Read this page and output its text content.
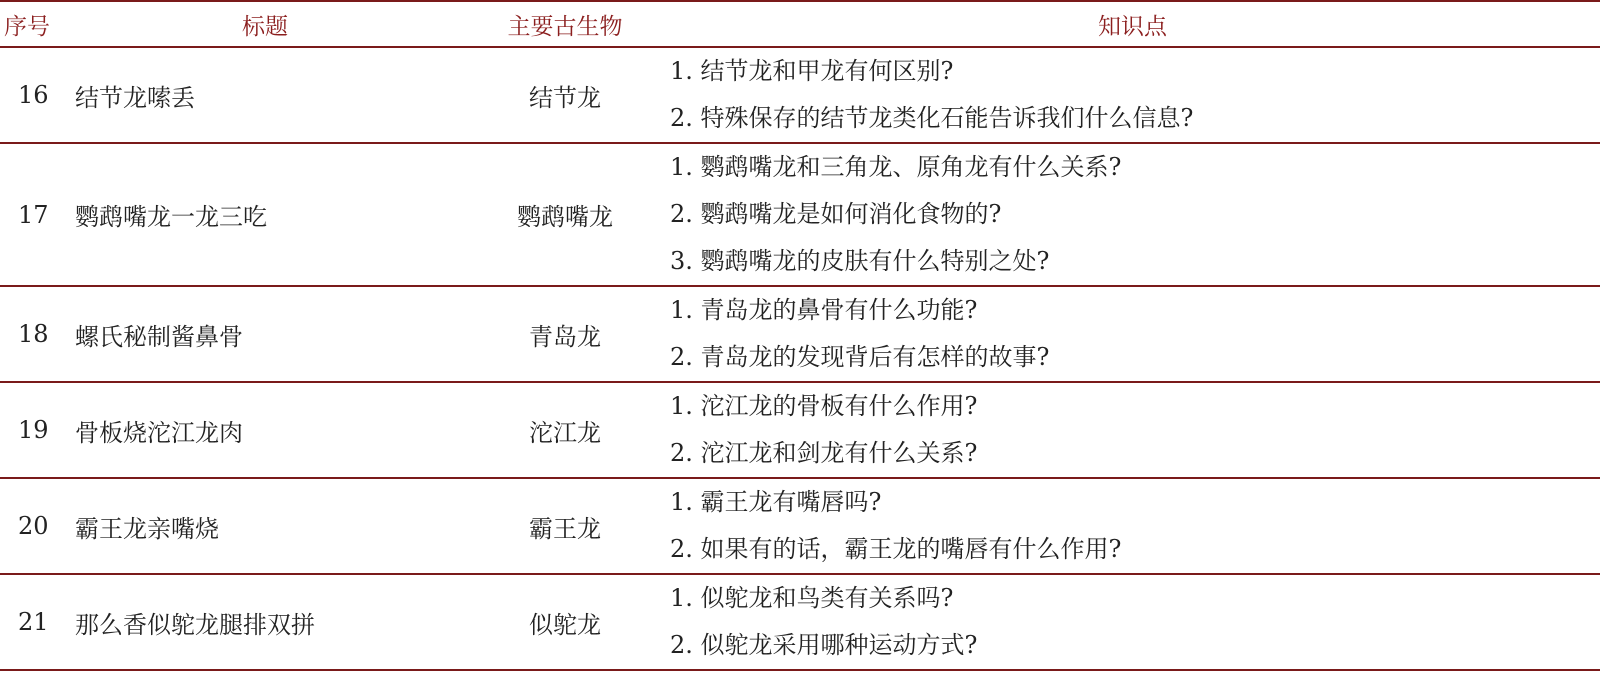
序号	标题	主要古生物	知识点
16	结节龙嗦丢	结节龙	1. 结节龙和甲龙有何区别?
2. 特殊保存的结节龙类化石能告诉我们什么信息?

17	鹦鹉嘴龙一龙三吃	鹦鹉嘴龙	1. 鹦鹉嘴龙和三角龙、原角龙有什么关系?
2. 鹦鹉嘴龙是如何消化食物的?
3. 鹦鹉嘴龙的皮肤有什么特别之处?

18	螺氏秘制酱鼻骨	青岛龙	1. 青岛龙的鼻骨有什么功能?
2. 青岛龙的发现背后有怎样的故事?

19	骨板烧沱江龙肉	沱江龙	1. 沱江龙的骨板有什么作用?
2. 沱江龙和剑龙有什么关系?

20	霸王龙亲嘴烧	霸王龙	1. 霸王龙有嘴唇吗?
2. 如果有的话，霸王龙的嘴唇有什么作用?

21	那么香似鸵龙腿排双拼	似鸵龙	1. 似鸵龙和鸟类有关系吗?
2. 似鸵龙采用哪种运动方式?
